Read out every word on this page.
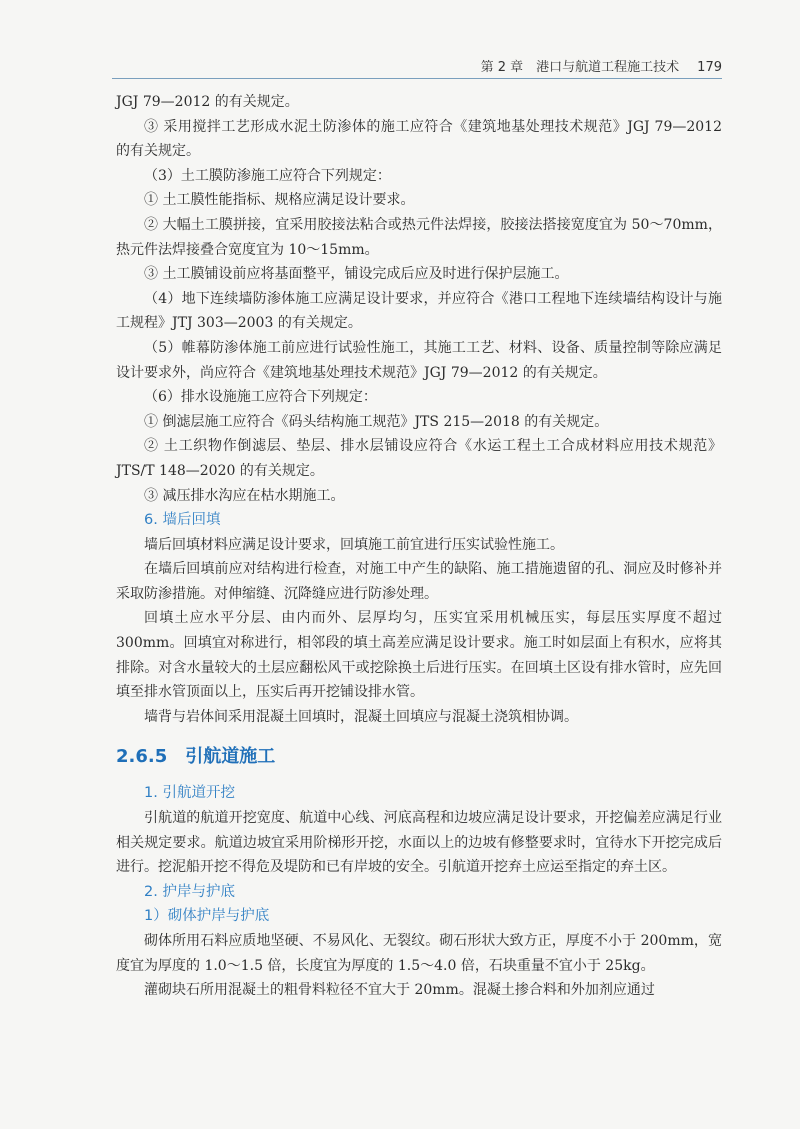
第 2 章　港口与航道工程施工技术 179

JGJ 79—2012 的有关规定。

③ 采用搅拌工艺形成水泥土防渗体的施工应符合《建筑地基处理技术规范》JGJ 79—2012 的有关规定。

（3）土工膜防渗施工应符合下列规定：

① 土工膜性能指标、规格应满足设计要求。

② 大幅土工膜拼接，宜采用胶接法粘合或热元件法焊接，胶接法搭接宽度宜为 50～70mm，热元件法焊接叠合宽度宜为 10～15mm。

③ 土工膜铺设前应将基面整平，铺设完成后应及时进行保护层施工。

（4）地下连续墙防渗体施工应满足设计要求，并应符合《港口工程地下连续墙结构设计与施工规程》JTJ 303—2003 的有关规定。

（5）帷幕防渗体施工前应进行试验性施工，其施工工艺、材料、设备、质量控制等除应满足设计要求外，尚应符合《建筑地基处理技术规范》JGJ 79—2012 的有关规定。

（6）排水设施施工应符合下列规定：

① 倒滤层施工应符合《码头结构施工规范》JTS 215—2018 的有关规定。

② 土工织物作倒滤层、垫层、排水层铺设应符合《水运工程土工合成材料应用技术规范》JTS/T 148—2020 的有关规定。

③ 减压排水沟应在枯水期施工。

6. 墙后回填

墙后回填材料应满足设计要求，回填施工前宜进行压实试验性施工。

在墙后回填前应对结构进行检查，对施工中产生的缺陷、施工措施遗留的孔、洞应及时修补并采取防渗措施。对伸缩缝、沉降缝应进行防渗处理。

回填土应水平分层、由内而外、层厚均匀，压实宜采用机械压实，每层压实厚度不超过 300mm。回填宜对称进行，相邻段的填土高差应满足设计要求。施工时如层面上有积水，应将其排除。对含水量较大的土层应翻松风干或挖除换土后进行压实。在回填土区设有排水管时，应先回填至排水管顶面以上，压实后再开挖铺设排水管。

墙背与岩体间采用混凝土回填时，混凝土回填应与混凝土浇筑相协调。

2.6.5　引航道施工
1. 引航道开挖

引航道的航道开挖宽度、航道中心线、河底高程和边坡应满足设计要求，开挖偏差应满足行业相关规定要求。航道边坡宜采用阶梯形开挖，水面以上的边坡有修整要求时，宜待水下开挖完成后进行。挖泥船开挖不得危及堤防和已有岸坡的安全。引航道开挖弃土应运至指定的弃土区。

2. 护岸与护底
1）砌体护岸与护底

砌体所用石料应质地坚硬、不易风化、无裂纹。砌石形状大致方正，厚度不小于 200mm，宽度宜为厚度的 1.0～1.5 倍，长度宜为厚度的 1.5～4.0 倍，石块重量不宜小于 25kg。

灌砌块石所用混凝土的粗骨料粒径不宜大于 20mm。混凝土掺合料和外加剂应通过
